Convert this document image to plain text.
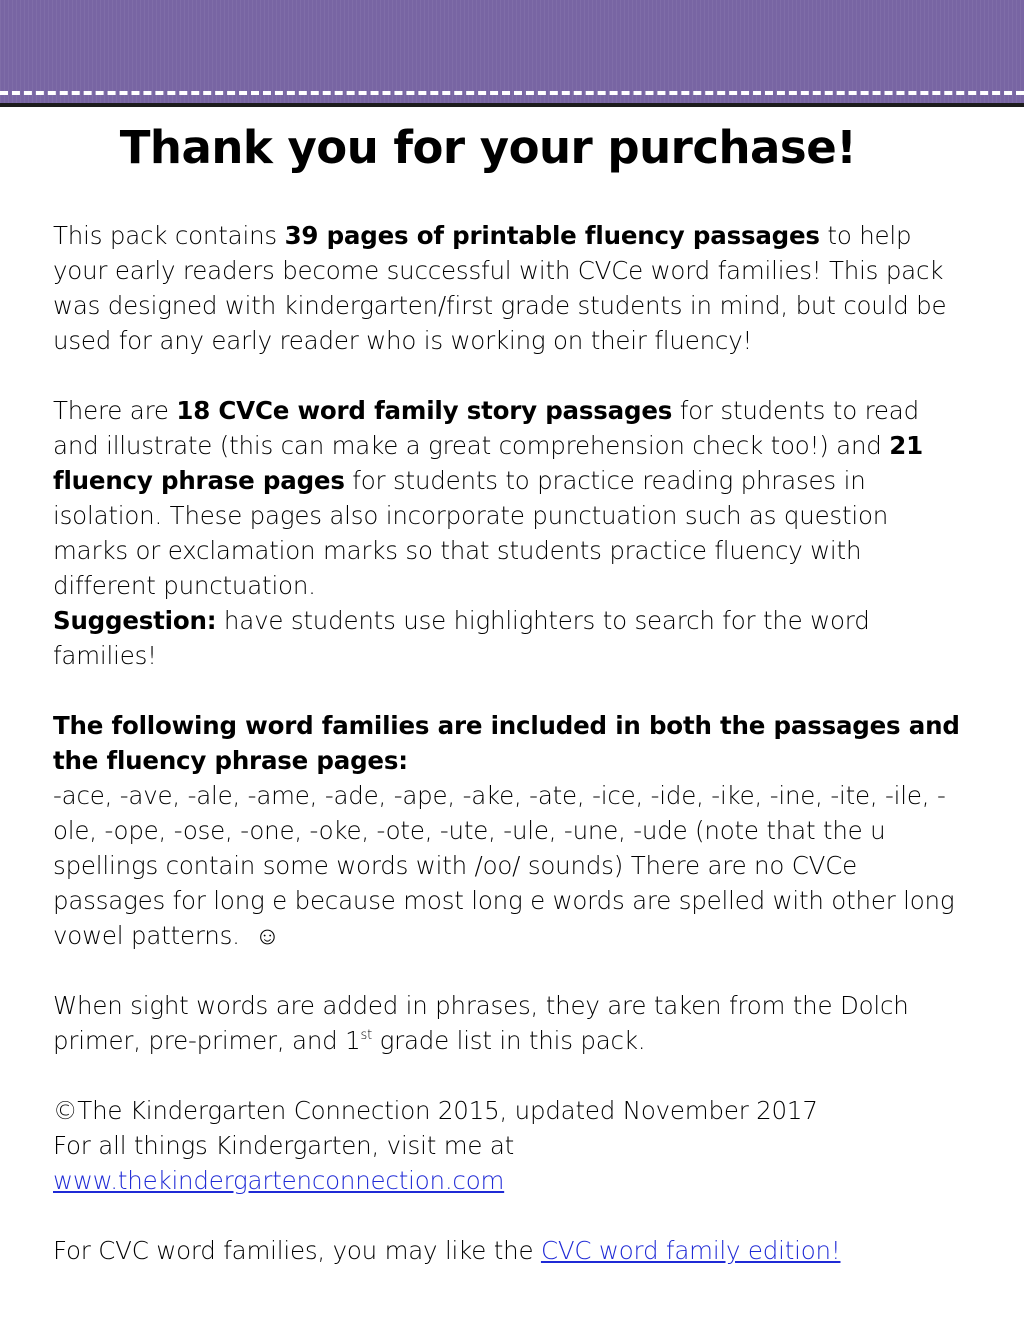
Thank you for your purchase!

This pack contains 39 pages of printable fluency passages to help your early readers become successful with CVCe word families! This pack was designed with kindergarten/first grade students in mind, but could be used for any early reader who is working on their fluency!

There are 18 CVCe word family story passages for students to read and illustrate (this can make a great comprehension check too!) and 21 fluency phrase pages for students to practice reading phrases in isolation. These pages also incorporate punctuation such as question marks or exclamation marks so that students practice fluency with different punctuation.

Suggestion: have students use highlighters to search for the word families!

The following word families are included in both the passages and the fluency phrase pages:

-ace, -ave, -ale, -ame, -ade, -ape, -ake, -ate, -ice, -ide, -ike, -ine, -ite, -ile, -ole, -ope, -ose, -one, -oke, -ote, -ute, -ule, -une, -ude (note that the u spellings contain some words with /oo/ sounds) There are no CVCe passages for long e because most long e words are spelled with other long vowel patterns. ☺

When sight words are added in phrases, they are taken from the Dolch primer, pre-primer, and 1st grade list in this pack.

©The Kindergarten Connection 2015, updated November 2017

For all things Kindergarten, visit me at

www.thekindergartenconnection.com

For CVC word families, you may like the CVC word family edition!
